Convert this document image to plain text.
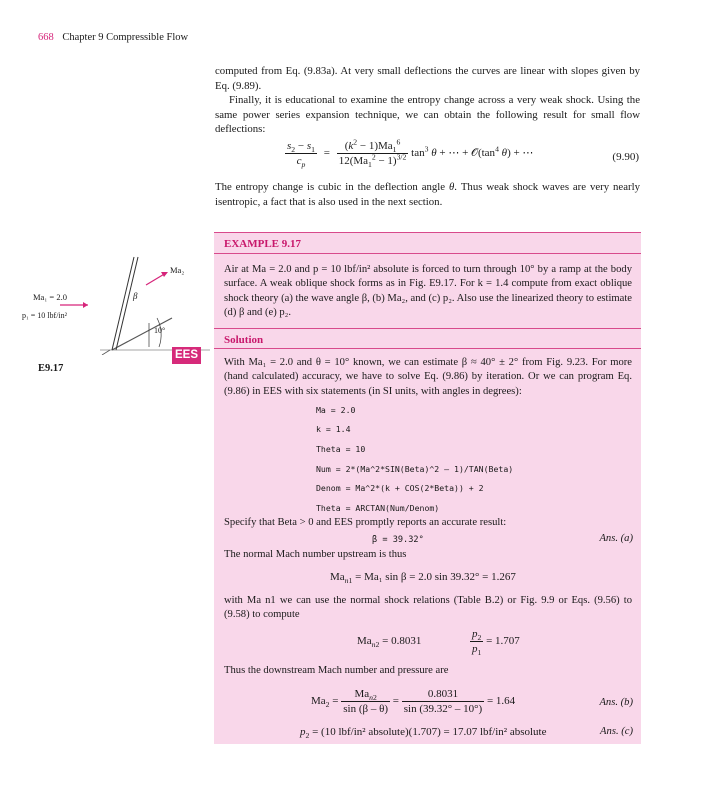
668 Chapter 9 Compressible Flow

computed from Eq. (9.83a). At very small deflections the curves are linear with slopes given by Eq. (9.89).

Finally, it is educational to examine the entropy change across a very weak shock. Using the same power series expansion technique, we can obtain the following result for small flow deflections:

$\frac{s_2 - s_1}{c_p} = \frac{(k^2 - 1)Ma_1^6}{12(Ma_1^2 - 1)^{3/2}} \tan^3 \theta$ + ⋯ + $𝒪(\tan^4$ θ) + ⋯	(9.90)

The entropy change is cubic in the deflection angle θ. Thus weak shock waves are very nearly isentropic, a fact that is also used in the next section.

EXAMPLE 9.17

Air at Ma = 2.0 and p = 10 lbf/in² absolute is forced to turn through 10° by a ramp at the body surface. A weak oblique shock forms as in Fig. E9.17. For k = 1.4 compute from exact oblique shock theory (a) the wave angle β, (b) Ma₂, and (c) p₂. Also use the linearized theory to estimate (d) β and (e) p₂.

Solution

With Ma₁ = 2.0 and θ = 10° known, we can estimate β ≈ 40° ± 2° from Fig. 9.23. For more (hand calculated) accuracy, we have to solve Eq. (9.86) by iteration. Or we can program Eq. (9.86) in EES with six statements (in SI units, with angles in degrees):

Ma = 2.0
k = 1.4
Theta = 10
Num = 2*(Ma^2*SIN(Beta)^2 – 1)/TAN(Beta)
Denom = Ma^2*(k + COS(2*Beta)) + 2
Theta = ARCTAN(Num/Denom)
Specify that Beta > 0 and EES promptly reports an accurate result:
β = 39.32°	Ans. (a)
The normal Mach number upstream is thus
$Ma_{n1} = Ma_1$ sin β = 2.0 sin 39.32° = 1.267
with Ma n1 we can use the normal shock relations (Table B.2) or Fig. 9.9 or Eqs. (9.56) to (9.58) to compute
$Ma_{n2} = 0.8031$	$\frac{p_2}{p_1} = 1.707$
Thus the downstream Mach number and pressure are
$Ma_2 = \frac{Ma_{n2}}{\sin (\beta - \theta)} = \frac{0.8031}{\sin (39.32^\circ - 10^\circ)} = 1.64$	Ans. (b)
$p_2 = (10$ lbf/in² absolute)(1.707) = 17.07 lbf/in² absolute	Ans. (c)
Ma₁ = 2.0
p₁ = 10 lbf/in²
Ma₂
β
10°
E9.17
EES
